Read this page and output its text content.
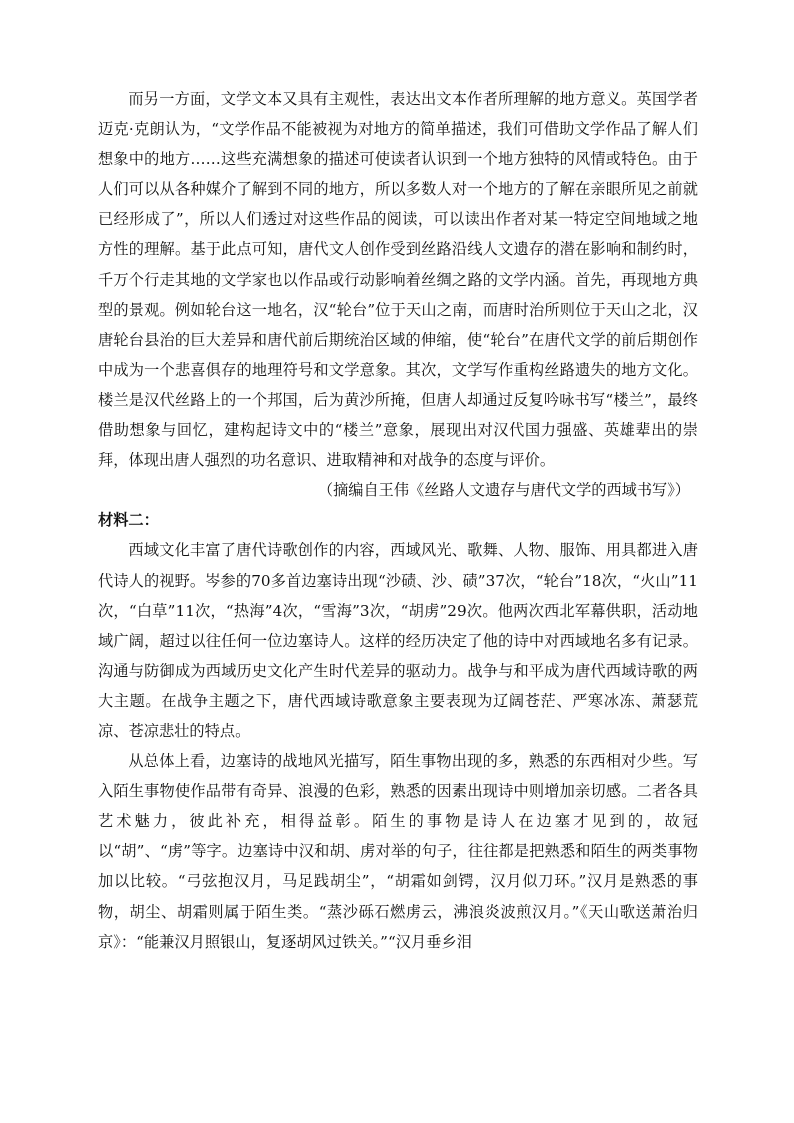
而另一方面，文学文本又具有主观性，表达出文本作者所理解的地方意义。英国学者迈克·克朗认为，“文学作品不能被视为对地方的简单描述，我们可借助文学作品了解人们想象中的地方……这些充满想象的描述可使读者认识到一个地方独特的风情或特色。由于人们可以从各种媒介了解到不同的地方，所以多数人对一个地方的了解在亲眼所见之前就已经形成了”，所以人们透过对这些作品的阅读，可以读出作者对某一特定空间地域之地方性的理解。基于此点可知，唐代文人创作受到丝路沿线人文遗存的潜在影响和制约时，千万个行走其地的文学家也以作品或行动影响着丝绸之路的文学内涵。首先，再现地方典型的景观。例如轮台这一地名，汉“轮台”位于天山之南，而唐时治所则位于天山之北，汉唐轮台县治的巨大差异和唐代前后期统治区域的伸缩，使“轮台”在唐代文学的前后期创作中成为一个悲喜俱存的地理符号和文学意象。其次，文学写作重构丝路遗失的地方文化。楼兰是汉代丝路上的一个邦国，后为黄沙所掩，但唐人却通过反复吟咏书写“楼兰”，最终借助想象与回忆，建构起诗文中的“楼兰”意象，展现出对汉代国力强盛、英雄辈出的崇拜，体现出唐人强烈的功名意识、进取精神和对战争的态度与评价。

（摘编自王伟《丝路人文遗存与唐代文学的西域书写》）

材料二：

西域文化丰富了唐代诗歌创作的内容，西域风光、歌舞、人物、服饰、用具都进入唐代诗人的视野。岑参的70多首边塞诗出现“沙碛、沙、碛”37次，“轮台”18次，“火山”11次，“白草”11次，“热海”4次，“雪海”3次，“胡虏”29次。他两次西北军幕供职，活动地域广阔，超过以往任何一位边塞诗人。这样的经历决定了他的诗中对西域地名多有记录。沟通与防御成为西域历史文化产生时代差异的驱动力。战争与和平成为唐代西域诗歌的两大主题。在战争主题之下，唐代西域诗歌意象主要表现为辽阔苍茫、严寒冰冻、萧瑟荒凉、苍凉悲壮的特点。

从总体上看，边塞诗的战地风光描写，陌生事物出现的多，熟悉的东西相对少些。写入陌生事物使作品带有奇异、浪漫的色彩，熟悉的因素出现诗中则增加亲切感。二者各具艺术魅力，彼此补充，相得益彰。陌生的事物是诗人在边塞才见到的，故冠以“胡”、“虏”等字。边塞诗中汉和胡、虏对举的句子，往往都是把熟悉和陌生的两类事物加以比较。“弓弦抱汉月，马足践胡尘”，“胡霜如剑锷，汉月似刀环。”汉月是熟悉的事物，胡尘、胡霜则属于陌生类。“蒸沙砾石燃虏云，沸浪炎波煎汉月。”《天山歌送萧治归京》：“能兼汉月照银山，复逐胡风过铁关。”“汉月垂乡泪
